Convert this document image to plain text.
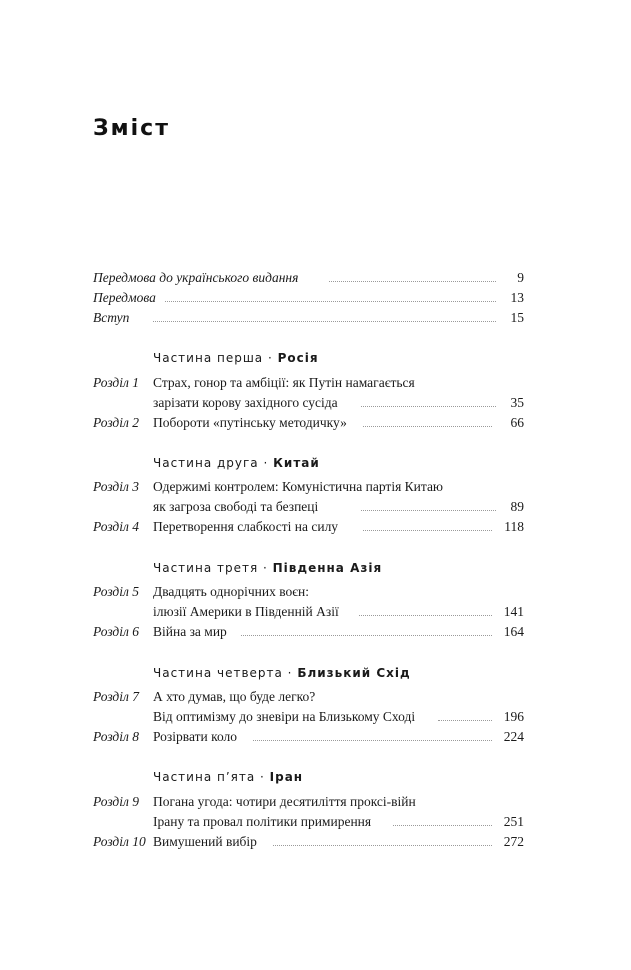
Зміст
Передмова до українського видання	9
Передмова	13
Вступ	15
Частина перша · Росія
Розділ 1 Страх, гонор та амбіції: як Путін намагається
зарізати корову західного сусіда	35
Розділ 2 Побороти «путінську методичку»	66
Частина друга · Китай
Розділ 3 Одержимі контролем: Комуністична партія Китаю
як загроза свободі та безпеці	89
Розділ 4 Перетворення слабкості на силу	118
Частина третя · Південна Азія
Розділ 5 Двадцять однорічних воєн:
ілюзії Америки в Південній Азії	141
Розділ 6 Війна за мир	164
Частина четверта · Близький Схід
Розділ 7 А хто думав, що буде легко?
Від оптимізму до зневіри на Близькому Сході	196
Розділ 8 Розірвати коло	224
Частина п’ята · Іран
Розділ 9 Погана угода: чотири десятиліття проксі-війн
Ірану та провал політики примирення	251
Розділ 10 Вимушений вибір	272
